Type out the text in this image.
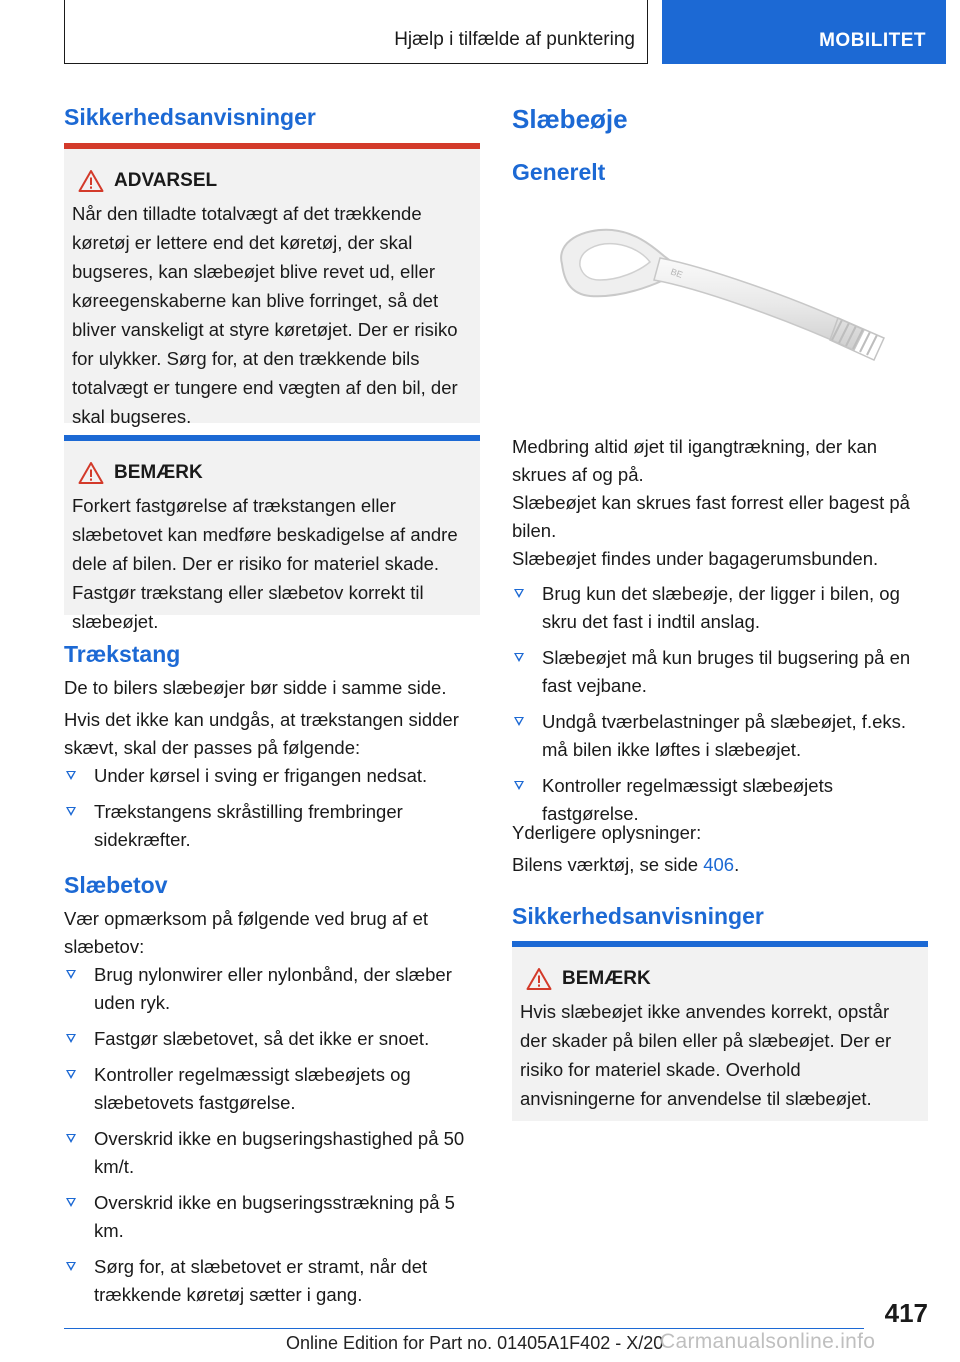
Hjælp i tilfælde af punktering	MOBILITET
Sikkerhedsanvisninger
ADVARSEL

Når den tilladte totalvægt af det trækkende køretøj er lettere end det køretøj, der skal bugseres, kan slæbeøjet blive revet ud, eller køreegenskaberne kan blive forringet, så det bliver vanskeligt at styre køretøjet. Der er risiko for ulykker. Sørg for, at den trækkende bils totalvægt er tungere end vægten af den bil, der skal bugseres.

BEMÆRK

Forkert fastgørelse af trækstangen eller slæbetovet kan medføre beskadigelse af andre dele af bilen. Der er risiko for materiel skade. Fastgør trækstang eller slæbetov korrekt til slæbeøjet.

Trækstang

De to bilers slæbeøjer bør sidde i samme side.

Hvis det ikke kan undgås, at trækstangen sidder skævt, skal der passes på følgende:

Under kørsel i sving er frigangen nedsat.
Trækstangens skråstilling frembringer sidekræfter.
Slæbetov

Vær opmærksom på følgende ved brug af et slæbetov:

Brug nylonwirer eller nylonbånd, der slæber uden ryk.
Fastgør slæbetovet, så det ikke er snoet.
Kontroller regelmæssigt slæbeøjets og slæbetovets fastgørelse.
Overskrid ikke en bugseringshastighed på 50 km/t.
Overskrid ikke en bugseringsstrækning på 5 km.
Sørg for, at slæbetovet er stramt, når det trækkende køretøj sætter i gang.
Slæbeøje
Generelt
BE

Medbring altid øjet til igangtrækning, der kan skrues af og på.

Slæbeøjet kan skrues fast forrest eller bagest på bilen.

Slæbeøjet findes under bagagerumsbunden.

Brug kun det slæbeøje, der ligger i bilen, og skru det fast i indtil anslag.
Slæbeøjet må kun bruges til bugsering på en fast vejbane.
Undgå tværbelastninger på slæbeøjet, f.eks. må bilen ikke løftes i slæbeøjet.
Kontroller regelmæssigt slæbeøjets fastgørelse.

Yderligere oplysninger:

Bilens værktøj, se side 406.

Sikkerhedsanvisninger
BEMÆRK

Hvis slæbeøjet ikke anvendes korrekt, opstår der skader på bilen eller på slæbeøjet. Der er risiko for materiel skade. Overhold anvisningerne for anvendelse til slæbeøjet.

417
Online Edition for Part no. 01405A1F402 - X/20
Carmanualsonline.info
